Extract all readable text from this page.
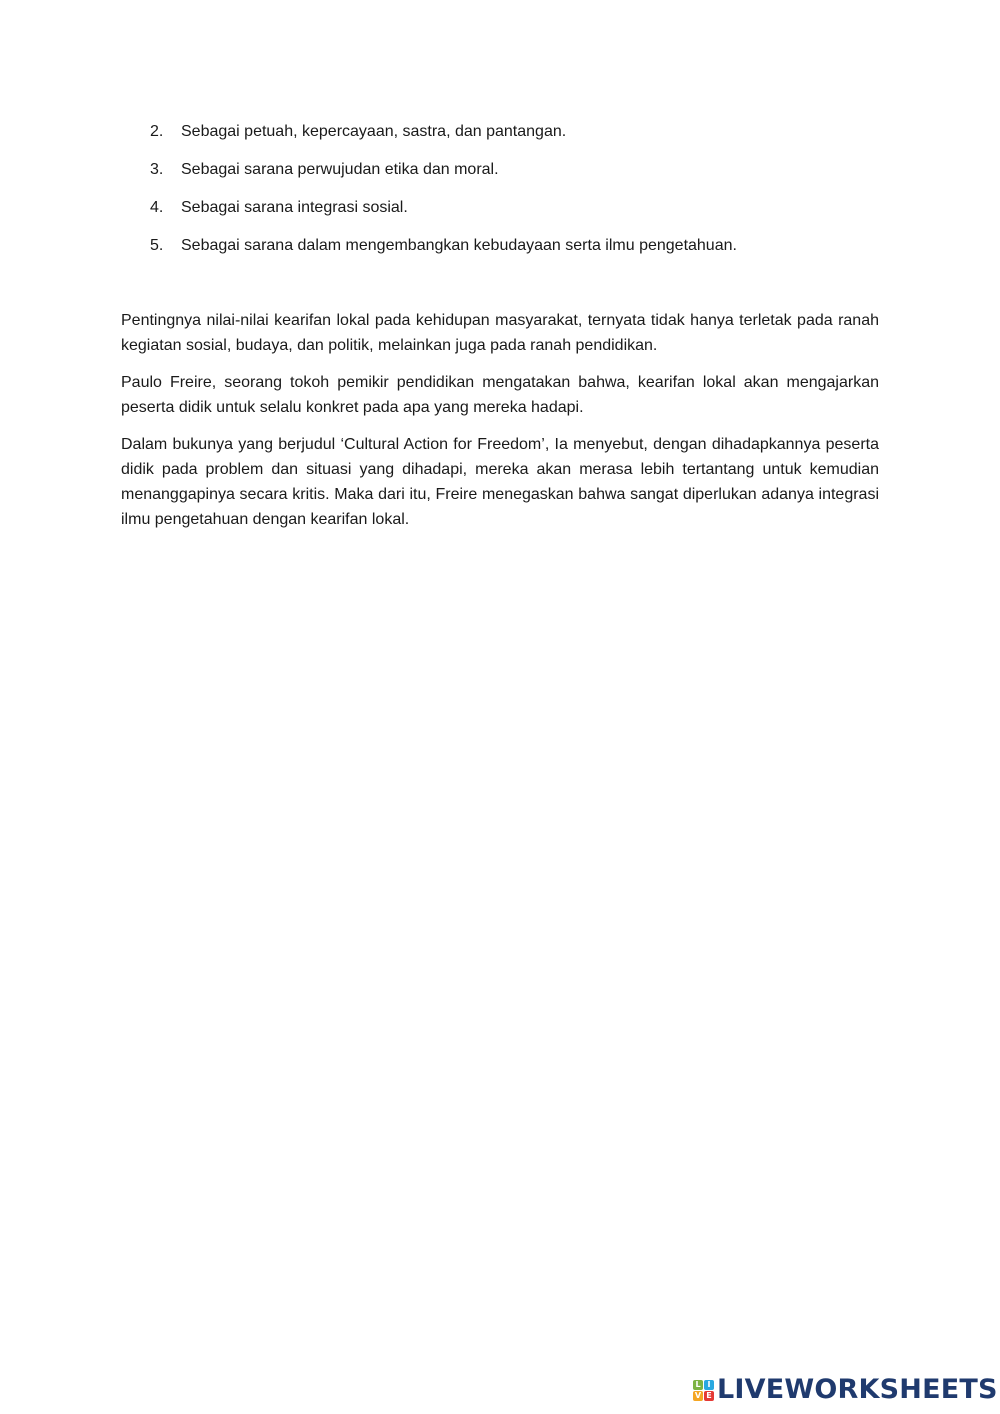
2.	Sebagai petuah, kepercayaan, sastra, dan pantangan.
3.	Sebagai sarana perwujudan etika dan moral.
4.	Sebagai sarana integrasi sosial.
5.	Sebagai sarana dalam mengembangkan kebudayaan serta ilmu pengetahuan.

Pentingnya nilai-nilai kearifan lokal pada kehidupan masyarakat, ternyata tidak hanya terletak pada ranah kegiatan sosial, budaya, dan politik, melainkan juga pada ranah pendidikan.

Paulo Freire, seorang tokoh pemikir pendidikan mengatakan bahwa, kearifan lokal akan mengajarkan peserta didik untuk selalu konkret pada apa yang mereka hadapi.

Dalam bukunya yang berjudul ‘Cultural Action for Freedom’, Ia menyebut, dengan dihadapkannya peserta didik pada problem dan situasi yang dihadapi, mereka akan merasa lebih tertantang untuk kemudian menanggapinya secara kritis. Maka dari itu, Freire menegaskan bahwa sangat diperlukan adanya integrasi ilmu pengetahuan dengan kearifan lokal.

L I
V E LIVEWORKSHEETS
